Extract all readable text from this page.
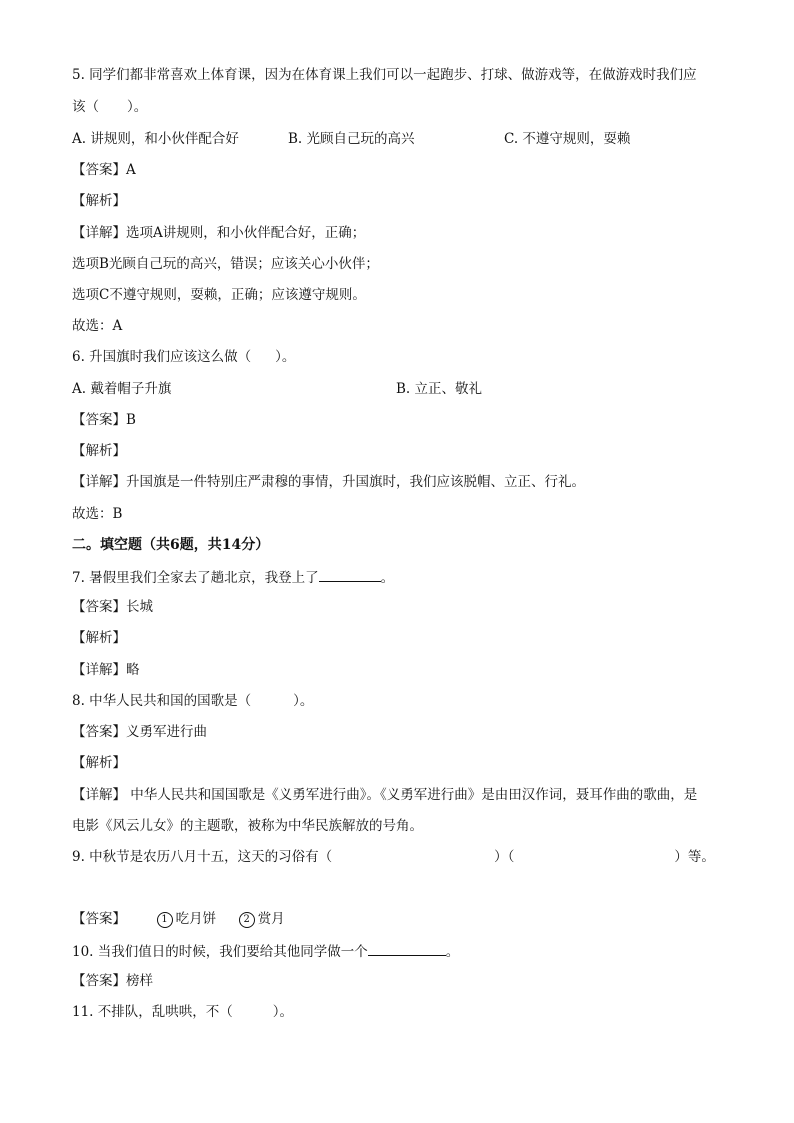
5. 同学们都非常喜欢上体育课，因为在体育课上我们可以一起跑步、打球、做游戏等，在做游戏时我们应
该（ ）。
A. 讲规则，和小伙伴配合好	B. 光顾自己玩的高兴	C. 不遵守规则，耍赖
【答案】A
【解析】
【详解】选项A讲规则，和小伙伴配合好，正确；
选项B光顾自己玩的高兴，错误；应该关心小伙伴；
选项C不遵守规则，耍赖，正确；应该遵守规则。
故选：A
6. 升国旗时我们应该这么做（ ）。
A. 戴着帽子升旗	B. 立正、敬礼
【答案】B
【解析】
【详解】升国旗是一件特别庄严肃穆的事情，升国旗时，我们应该脱帽、立正、行礼。
故选：B
二。填空题（共6题，共14分）
7. 暑假里我们全家去了趟北京，我登上了	。
【答案】长城
【解析】
【详解】略
8. 中华人民共和国的国歌是（	）。
【答案】义勇军进行曲
【解析】
【详解】 中华人民共和国国歌是《义勇军进行曲》。《义勇军进行曲》是由田汉作词，聂耳作曲的歌曲，是
电影《风云儿女》的主题歌，被称为中华民族解放的号角。
9. 中秋节是农历八月十五，这天的习俗有（	）（	）等。
【答案】	1 吃月饼	2 赏月
10. 当我们值日的时候，我们要给其他同学做一个	。
【答案】榜样
11. 不排队，乱哄哄，不（	）。
